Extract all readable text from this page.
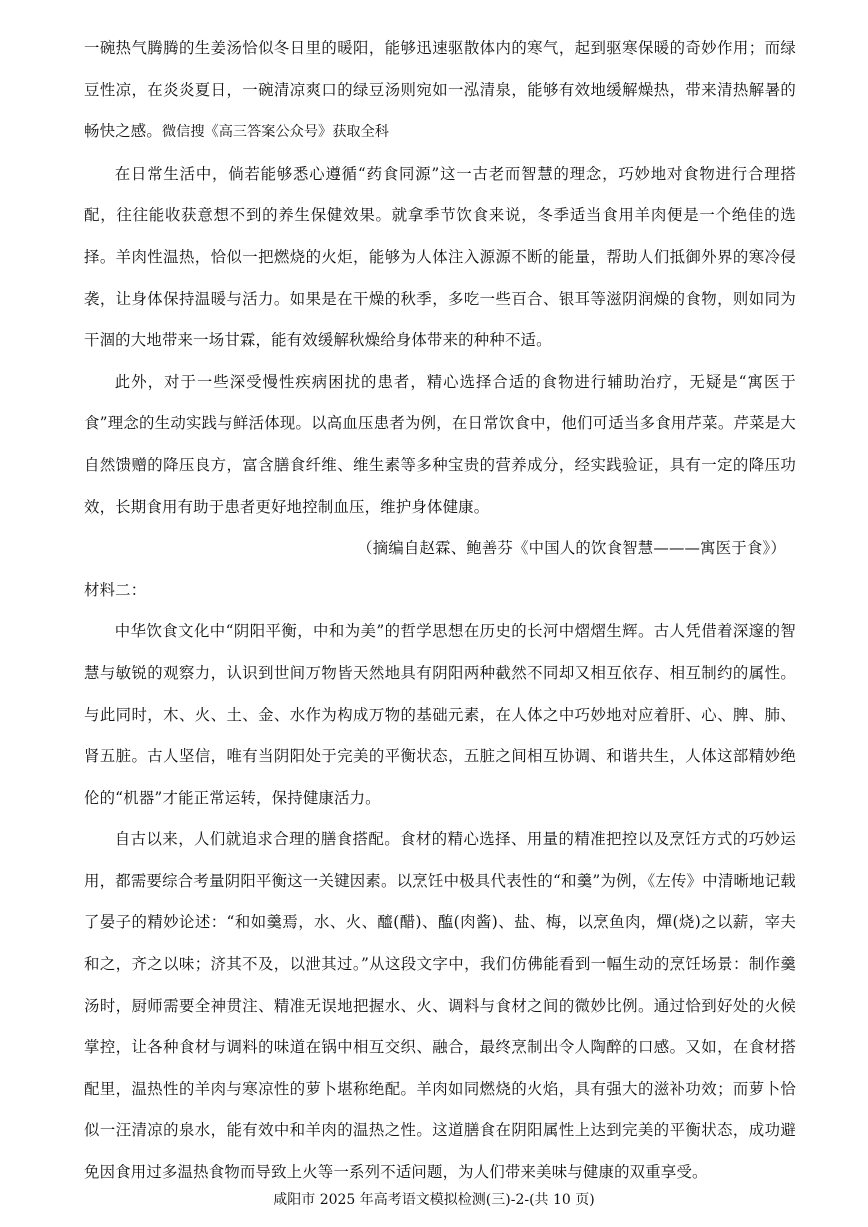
一碗热气腾腾的生姜汤恰似冬日里的暖阳，能够迅速驱散体内的寒气，起到驱寒保暖的奇妙作用；而绿豆性凉，在炎炎夏日，一碗清凉爽口的绿豆汤则宛如一泓清泉，能够有效地缓解燥热，带来清热解暑的畅快之感。微信搜《高三答案公众号》获取全科

在日常生活中，倘若能够悉心遵循“药食同源”这一古老而智慧的理念，巧妙地对食物进行合理搭配，往往能收获意想不到的养生保健效果。就拿季节饮食来说，冬季适当食用羊肉便是一个绝佳的选择。羊肉性温热，恰似一把燃烧的火炬，能够为人体注入源源不断的能量，帮助人们抵御外界的寒冷侵袭，让身体保持温暖与活力。如果是在干燥的秋季，多吃一些百合、银耳等滋阴润燥的食物，则如同为干涸的大地带来一场甘霖，能有效缓解秋燥给身体带来的种种不适。

此外，对于一些深受慢性疾病困扰的患者，精心选择合适的食物进行辅助治疗，无疑是“寓医于食”理念的生动实践与鲜活体现。以高血压患者为例，在日常饮食中，他们可适当多食用芹菜。芹菜是大自然馈赠的降压良方，富含膳食纤维、维生素等多种宝贵的营养成分，经实践验证，具有一定的降压功效，长期食用有助于患者更好地控制血压，维护身体健康。

（摘编自赵霖、鲍善芬《中国人的饮食智慧———寓医于食》）

材料二：

中华饮食文化中“阴阳平衡，中和为美”的哲学思想在历史的长河中熠熠生辉。古人凭借着深邃的智慧与敏锐的观察力，认识到世间万物皆天然地具有阴阳两种截然不同却又相互依存、相互制约的属性。与此同时，木、火、土、金、水作为构成万物的基础元素，在人体之中巧妙地对应着肝、心、脾、肺、肾五脏。古人坚信，唯有当阴阳处于完美的平衡状态，五脏之间相互协调、和谐共生，人体这部精妙绝伦的“机器”才能正常运转，保持健康活力。

自古以来，人们就追求合理的膳食搭配。食材的精心选择、用量的精准把控以及烹饪方式的巧妙运用，都需要综合考量阴阳平衡这一关键因素。以烹饪中极具代表性的“和羹”为例，《左传》中清晰地记载了晏子的精妙论述：“和如羹焉，水、火、醯(醋)、醢(肉酱)、盐、梅，以烹鱼肉，燀(烧)之以薪，宰夫和之，齐之以味；济其不及，以泄其过。”从这段文字中，我们仿佛能看到一幅生动的烹饪场景：制作羹汤时，厨师需要全神贯注、精准无误地把握水、火、调料与食材之间的微妙比例。通过恰到好处的火候掌控，让各种食材与调料的味道在锅中相互交织、融合，最终烹制出令人陶醉的口感。又如，在食材搭配里，温热性的羊肉与寒凉性的萝卜堪称绝配。羊肉如同燃烧的火焰，具有强大的滋补功效；而萝卜恰似一汪清凉的泉水，能有效中和羊肉的温热之性。这道膳食在阴阳属性上达到完美的平衡状态，成功避免因食用过多温热食物而导致上火等一系列不适问题，为人们带来美味与健康的双重享受。

咸阳市 2025 年高考语文模拟检测(三)-2-(共 10 页)
